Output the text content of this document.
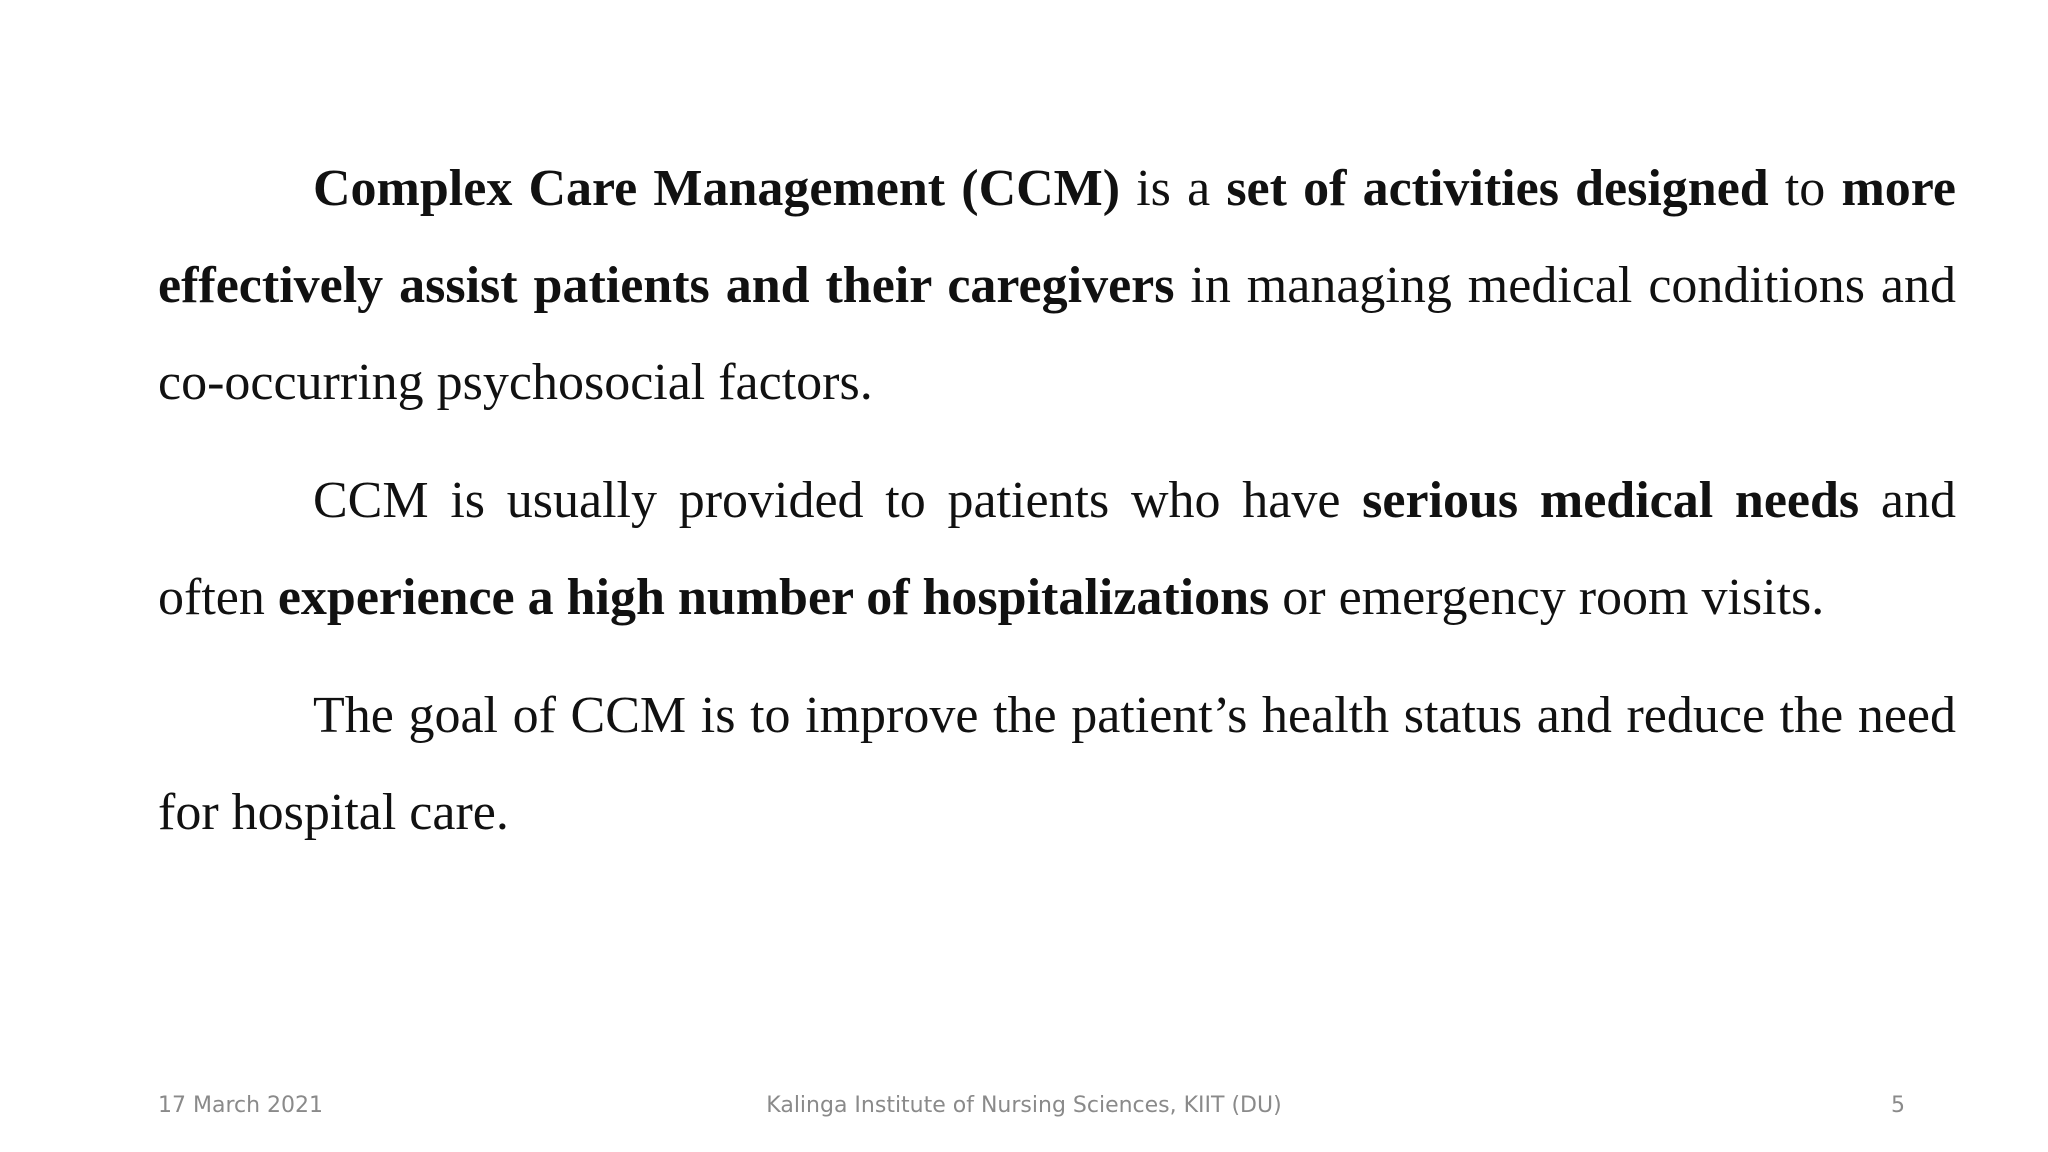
Complex Care Management (CCM) is a set of activities designed to more effectively assist patients and their caregivers in managing medical conditions and co-occurring psychosocial factors.

CCM is usually provided to patients who have serious medical needs and often experience a high number of hospitalizations or emergency room visits.

The goal of CCM is to improve the patient’s health status and reduce the need for hospital care.

17 March 2021	Kalinga Institute of Nursing Sciences, KIIT (DU)	5
